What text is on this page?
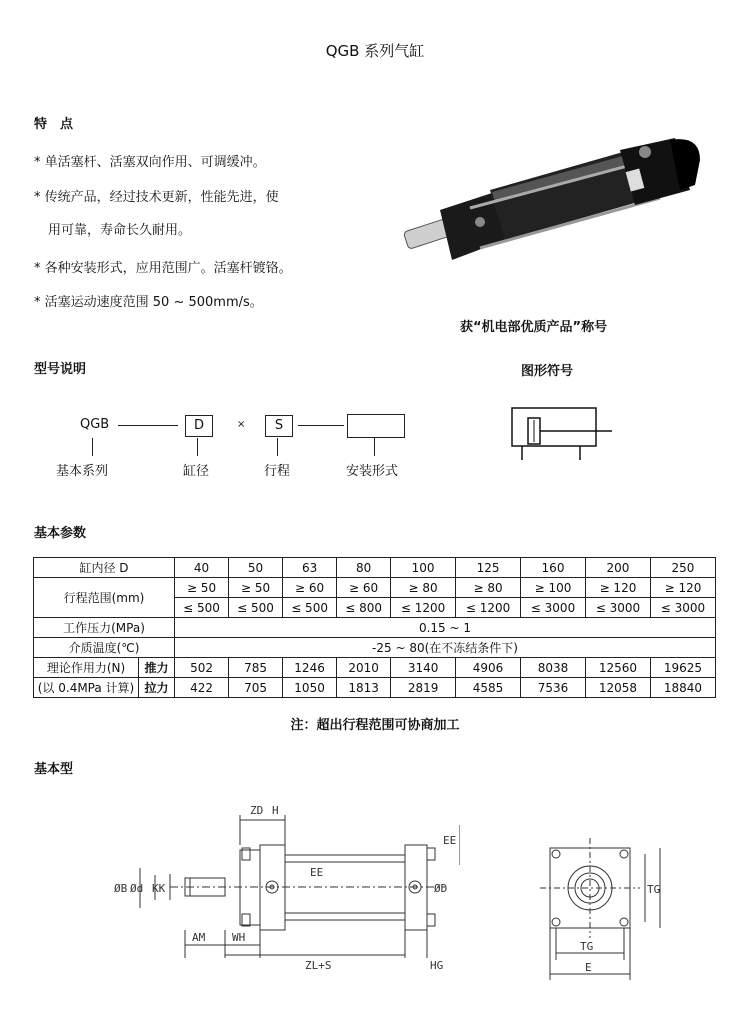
QGB 系列气缸
特　点
* 单活塞杆、活塞双向作用、可调缓冲。
* 传统产品，经过技术更新，性能先进，使
用可靠，寿命长久耐用。
* 各种安装形式，应用范围广。活塞杆镀铬。
* 活塞运动速度范围 50 ~ 500mm/s。
获“机电部优质产品”称号
型号说明	图形符号
QGB	D	×	S
基本系列	缸径	行程	安装形式
基本参数
缸内径 D		40	50	63	80	100	125	160	200	250
行程范围(mm)		≥ 50	≥ 50	≥ 60	≥ 60	≥ 80	≥ 80	≥ 100	≥ 120	≥ 120
		≤ 500	≤ 500	≤ 500	≤ 800	≤ 1200	≤ 1200	≤ 3000	≤ 3000	≤ 3000
工作压力(MPa)		0.15 ~ 1								
介质温度(℃)		-25 ~ 80(在不冻结条件下)								
理论作用力(N)	推力	502	785	1246	2010	3140	4906	8038	12560	19625
(以 0.4MPa 计算)	拉力	422	705	1050	1813	2819	4585	7536	12058	18840
注：超出行程范围可协商加工
基本型
ZD H
ØB Ød KK
AM WH
ZL+S	HG
EE
EE
ØD
TG
E
TG
